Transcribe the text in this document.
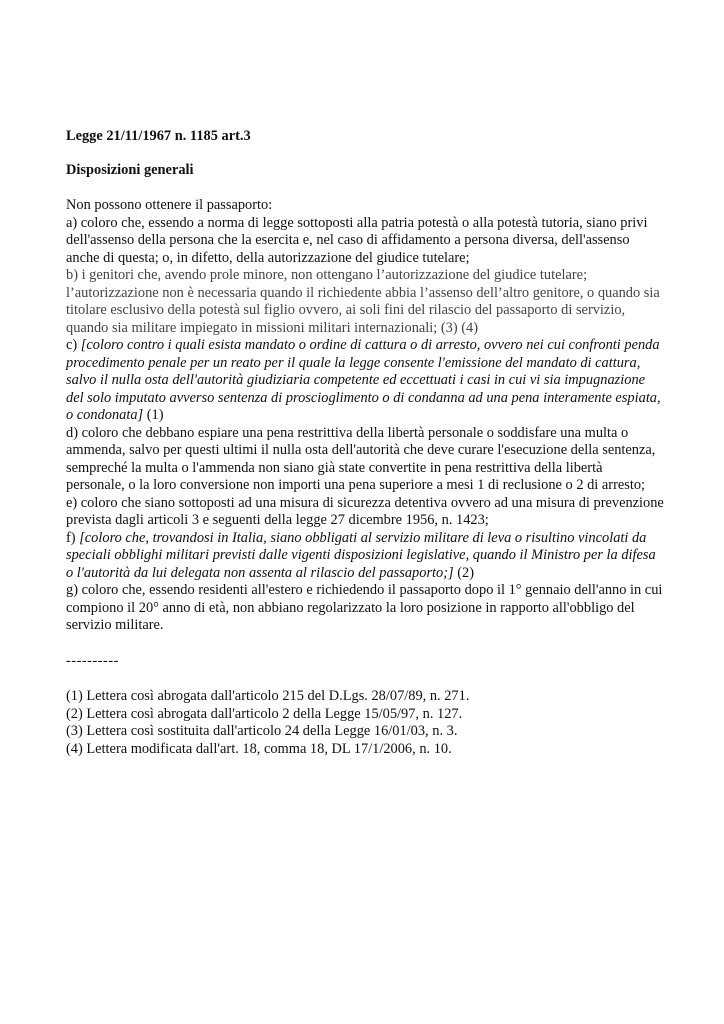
Legge 21/11/1967 n. 1185 art.3

Disposizioni generali

Non possono ottenere il passaporto:
a) coloro che, essendo a norma di legge sottoposti alla patria potestà o alla potestà tutoria, siano privi
dell'assenso della persona che la esercita e, nel caso di affidamento a persona diversa, dell'assenso
anche di questa; o, in difetto, della autorizzazione del giudice tutelare;
b) i genitori che, avendo prole minore, non ottengano l’autorizzazione del giudice tutelare;
l’autorizzazione non è necessaria quando il richiedente abbia l’assenso dell’altro genitore, o quando sia
titolare esclusivo della potestà sul figlio ovvero, ai soli fini del rilascio del passaporto di servizio,
quando sia militare impiegato in missioni militari internazionali; (3) (4)
c) [coloro contro i quali esista mandato o ordine di cattura o di arresto, ovvero nei cui confronti penda
procedimento penale per un reato per il quale la legge consente l'emissione del mandato di cattura,
salvo il nulla osta dell'autorità giudiziaria competente ed eccettuati i casi in cui vi sia impugnazione
del solo imputato avverso sentenza di proscioglimento o di condanna ad una pena interamente espiata,
o condonata] (1)
d) coloro che debbano espiare una pena restrittiva della libertà personale o soddisfare una multa o
ammenda, salvo per questi ultimi il nulla osta dell'autorità che deve curare l'esecuzione della sentenza,
sempreché la multa o l'ammenda non siano già state convertite in pena restrittiva della libertà
personale, o la loro conversione non importi una pena superiore a mesi 1 di reclusione o 2 di arresto;
e) coloro che siano sottoposti ad una misura di sicurezza detentiva ovvero ad una misura di prevenzione
prevista dagli articoli 3 e seguenti della legge 27 dicembre 1956, n. 1423;
f) [coloro che, trovandosi in Italia, siano obbligati al servizio militare di leva o risultino vincolati da
speciali obblighi militari previsti dalle vigenti disposizioni legislative, quando il Ministro per la difesa
o l'autorità da lui delegata non assenta al rilascio del passaporto;] (2)
g) coloro che, essendo residenti all'estero e richiedendo il passaporto dopo il 1° gennaio dell'anno in cui
compiono il 20° anno di età, non abbiano regolarizzato la loro posizione in rapporto all'obbligo del
servizio militare.
----------
(1) Lettera così abrogata dall'articolo 215 del D.Lgs. 28/07/89, n. 271.
(2) Lettera così abrogata dall'articolo 2 della Legge 15/05/97, n. 127.
(3) Lettera così sostituita dall'articolo 24 della Legge 16/01/03, n. 3.
(4) Lettera modificata dall'art. 18, comma 18, DL 17/1/2006, n. 10.
